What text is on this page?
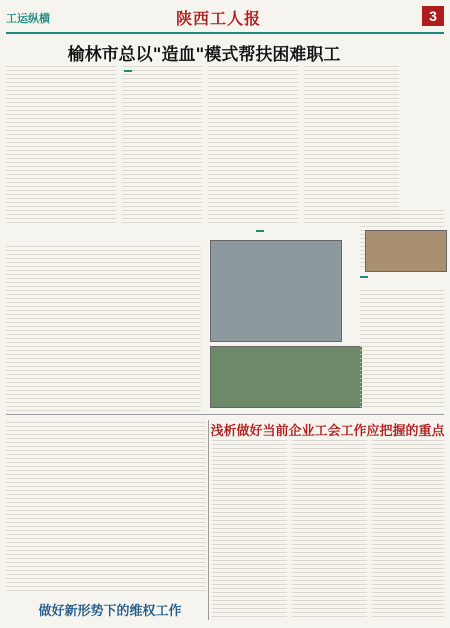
工运纵横	陕西工人报	3
榆林市总以"造血"模式帮扶困难职工
浅析做好当前企业工会工作应把握的重点
做好新形势下的维权工作
